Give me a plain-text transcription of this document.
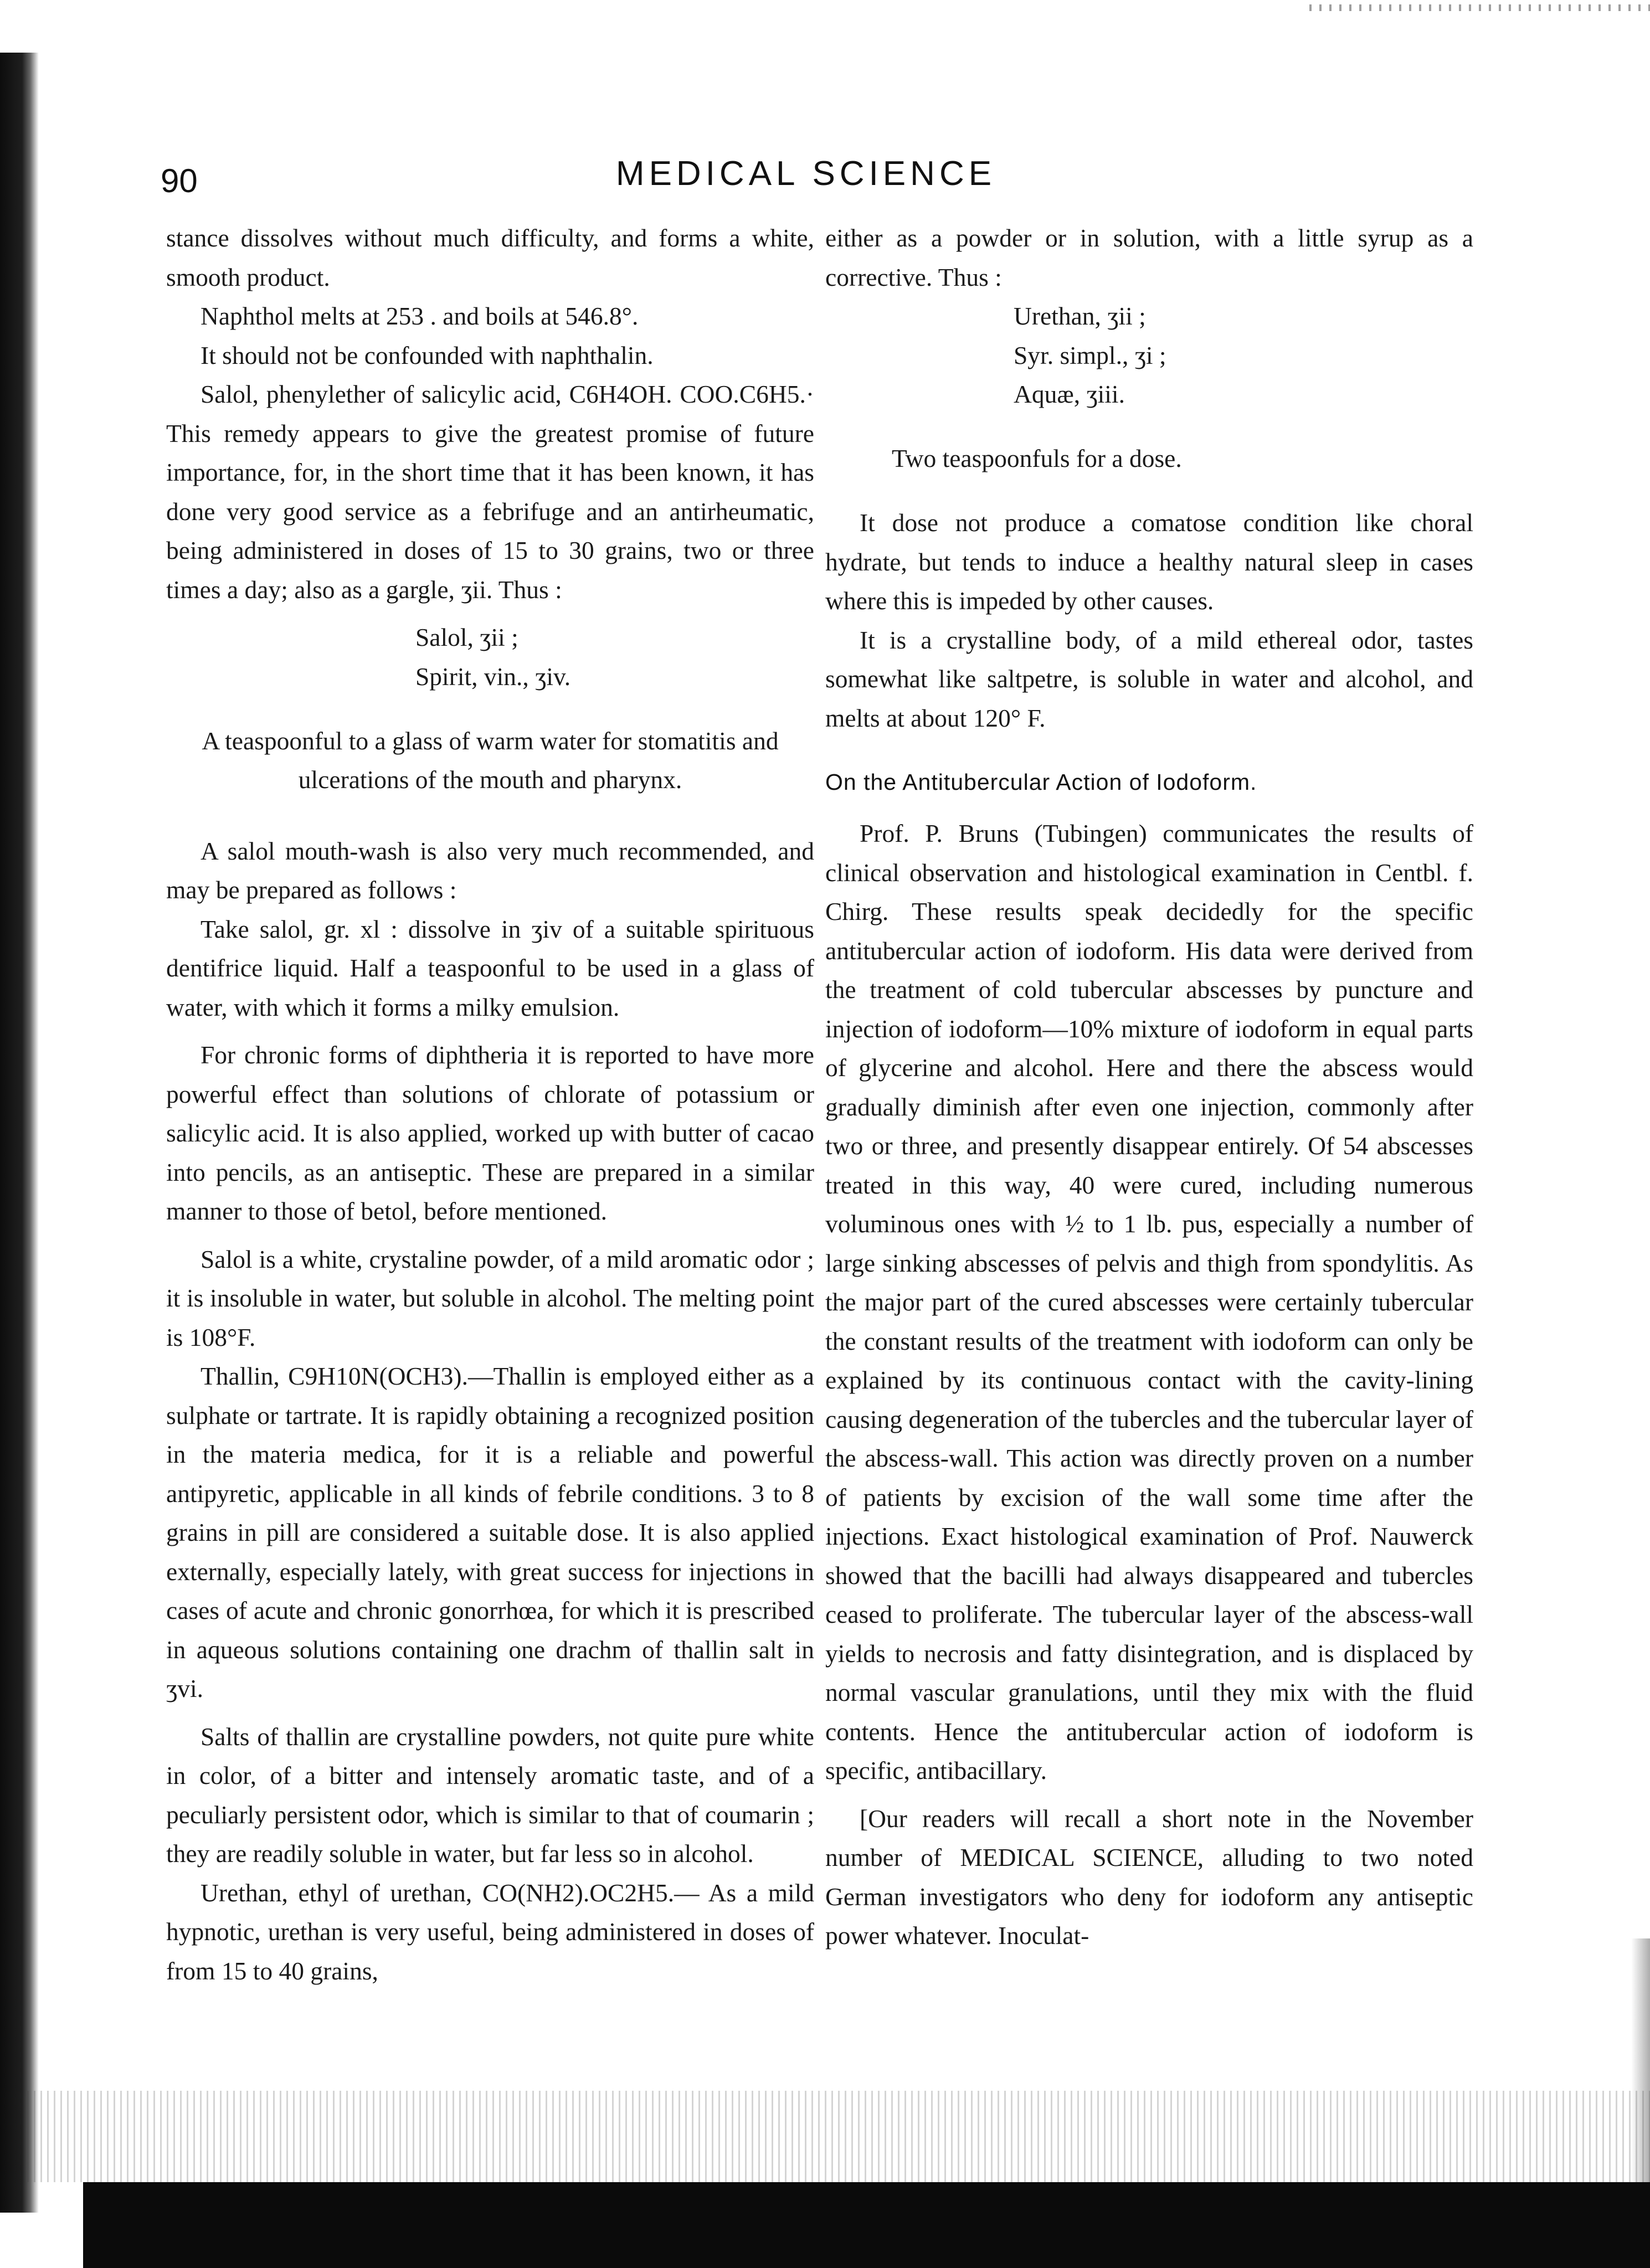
90	MEDICAL SCIENCE

stance dissolves without much difficulty, and forms a white, smooth product.

Naphthol melts at 253 . and boils at 546.8°.

It should not be confounded with naphthalin.

Salol, phenylether of salicylic acid, C6H4OH. COO.C6H5.· This remedy appears to give the greatest promise of future importance, for, in the short time that it has been known, it has done very good service as a febrifuge and an antirheumatic, being administered in doses of 15 to 30 grains, two or three times a day; also as a gargle, ʒii. Thus :

Salol, ʒii ;
Spirit, vin., ʒiv.

A teaspoonful to a glass of warm water for stomatitis and ulcerations of the mouth and pharynx.

A salol mouth-wash is also very much recommended, and may be prepared as follows :

Take salol, gr. xl : dissolve in ʒiv of a suitable spirituous dentifrice liquid. Half a teaspoonful to be used in a glass of water, with which it forms a milky emulsion.

For chronic forms of diphtheria it is reported to have more powerful effect than solutions of chlorate of potassium or salicylic acid. It is also applied, worked up with butter of cacao into pencils, as an antiseptic. These are prepared in a similar manner to those of betol, before mentioned.

Salol is a white, crystaline powder, of a mild aromatic odor ; it is insoluble in water, but soluble in alcohol. The melting point is 108°F.

Thallin, C9H10N(OCH3).—Thallin is employed either as a sulphate or tartrate. It is rapidly obtaining a recognized position in the materia medica, for it is a reliable and powerful antipyretic, applicable in all kinds of febrile conditions. 3 to 8 grains in pill are considered a suitable dose. It is also applied externally, especially lately, with great success for injections in cases of acute and chronic gonorrhœa, for which it is prescribed in aqueous solutions containing one drachm of thallin salt in ʒvi.

Salts of thallin are crystalline powders, not quite pure white in color, of a bitter and intensely aromatic taste, and of a peculiarly persistent odor, which is similar to that of coumarin ; they are readily soluble in water, but far less so in alcohol.

Urethan, ethyl of urethan, CO(NH2).OC2H5.— As a mild hypnotic, urethan is very useful, being administered in doses of from 15 to 40 grains,

either as a powder or in solution, with a little syrup as a corrective. Thus :

Urethan, ʒii ;
Syr. simpl., ʒi ;
Aquæ, ʒiii.

Two teaspoonfuls for a dose.

It dose not produce a comatose condition like choral hydrate, but tends to induce a healthy natural sleep in cases where this is impeded by other causes.

It is a crystalline body, of a mild ethereal odor, tastes somewhat like saltpetre, is soluble in water and alcohol, and melts at about 120° F.

On the Antitubercular Action of Iodoform.

Prof. P. Bruns (Tubingen) communicates the results of clinical observation and histological examination in Centbl. f. Chirg. These results speak decidedly for the specific antitubercular action of iodoform. His data were derived from the treatment of cold tubercular abscesses by puncture and injection of iodoform—10% mixture of iodoform in equal parts of glycerine and alcohol. Here and there the abscess would gradually diminish after even one injection, commonly after two or three, and presently disappear entirely. Of 54 abscesses treated in this way, 40 were cured, including numerous voluminous ones with ½ to 1 lb. pus, especially a number of large sinking abscesses of pelvis and thigh from spondylitis. As the major part of the cured abscesses were certainly tubercular the constant results of the treatment with iodoform can only be explained by its continuous contact with the cavity-lining causing degeneration of the tubercles and the tubercular layer of the abscess-wall. This action was directly proven on a number of patients by excision of the wall some time after the injections. Exact histological examination of Prof. Nauwerck showed that the bacilli had always disappeared and tubercles ceased to proliferate. The tubercular layer of the abscess-wall yields to necrosis and fatty disintegration, and is displaced by normal vascular granulations, until they mix with the fluid contents. Hence the antitubercular action of iodoform is specific, antibacillary.

[Our readers will recall a short note in the November number of MEDICAL SCIENCE, alluding to two noted German investigators who deny for iodoform any antiseptic power whatever. Inoculat-
